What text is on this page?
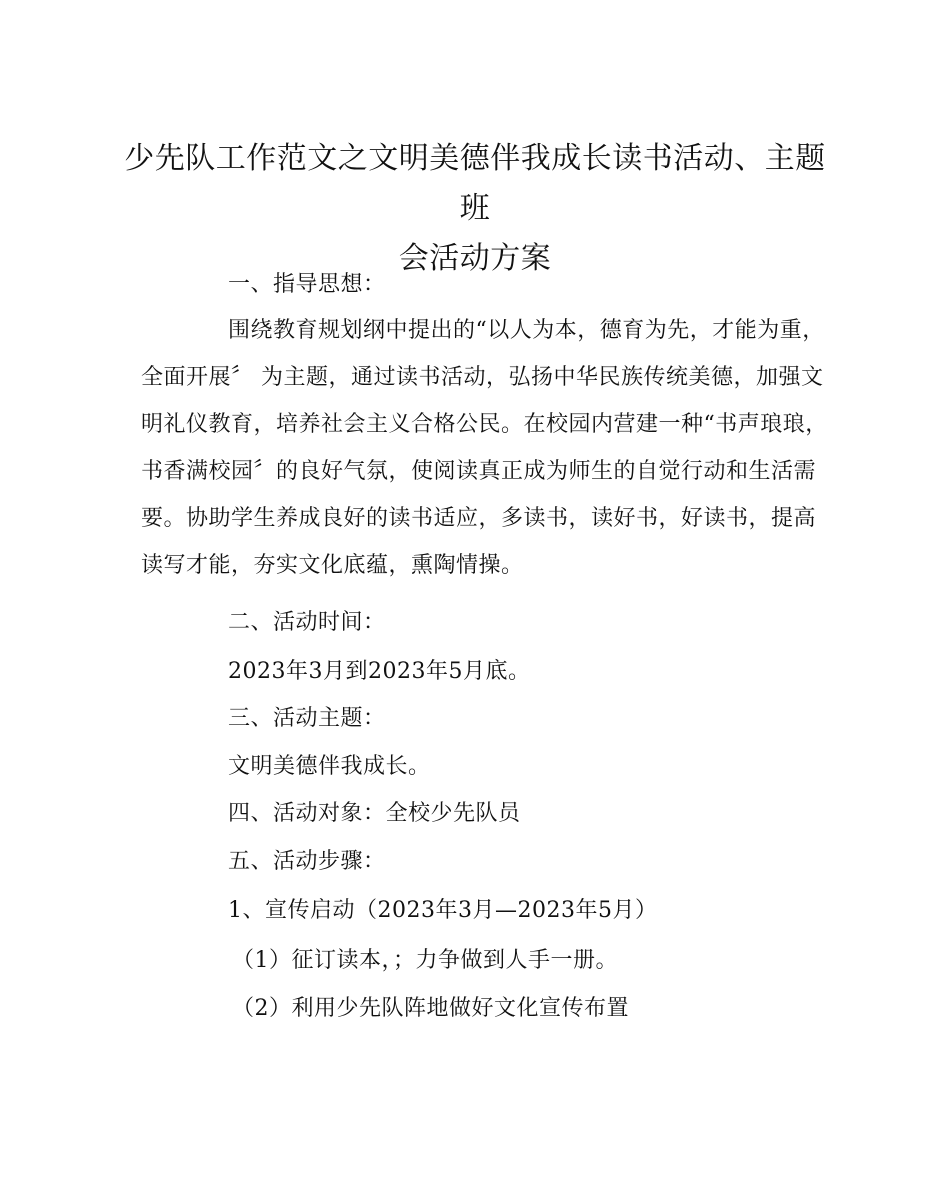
少先队工作范文之文明美德伴我成长读书活动、主题班
会活动方案
一、指导思想：
围绕教育规划纲中提出的“以人为本，德育为先，才能为重，
全面开展〞 为主题，通过读书活动，弘扬中华民族传统美德，加强文
明礼仪教育，培养社会主义合格公民。在校园内营建一种“书声琅琅，
书香满校园〞的良好气氛，使阅读真正成为师生的自觉行动和生活需
要。协助学生养成良好的读书适应，多读书，读好书，好读书，提高
读写才能，夯实文化底蕴，熏陶情操。
二、活动时间：
2023年3月到2023年5月底。
三、活动主题：
文明美德伴我成长。
四、活动对象：全校少先队员
五、活动步骤：
1、宣传启动（2023年3月—2023年5月）
（1）征订读本，；力争做到人手一册。
（2）利用少先队阵地做好文化宣传布置
